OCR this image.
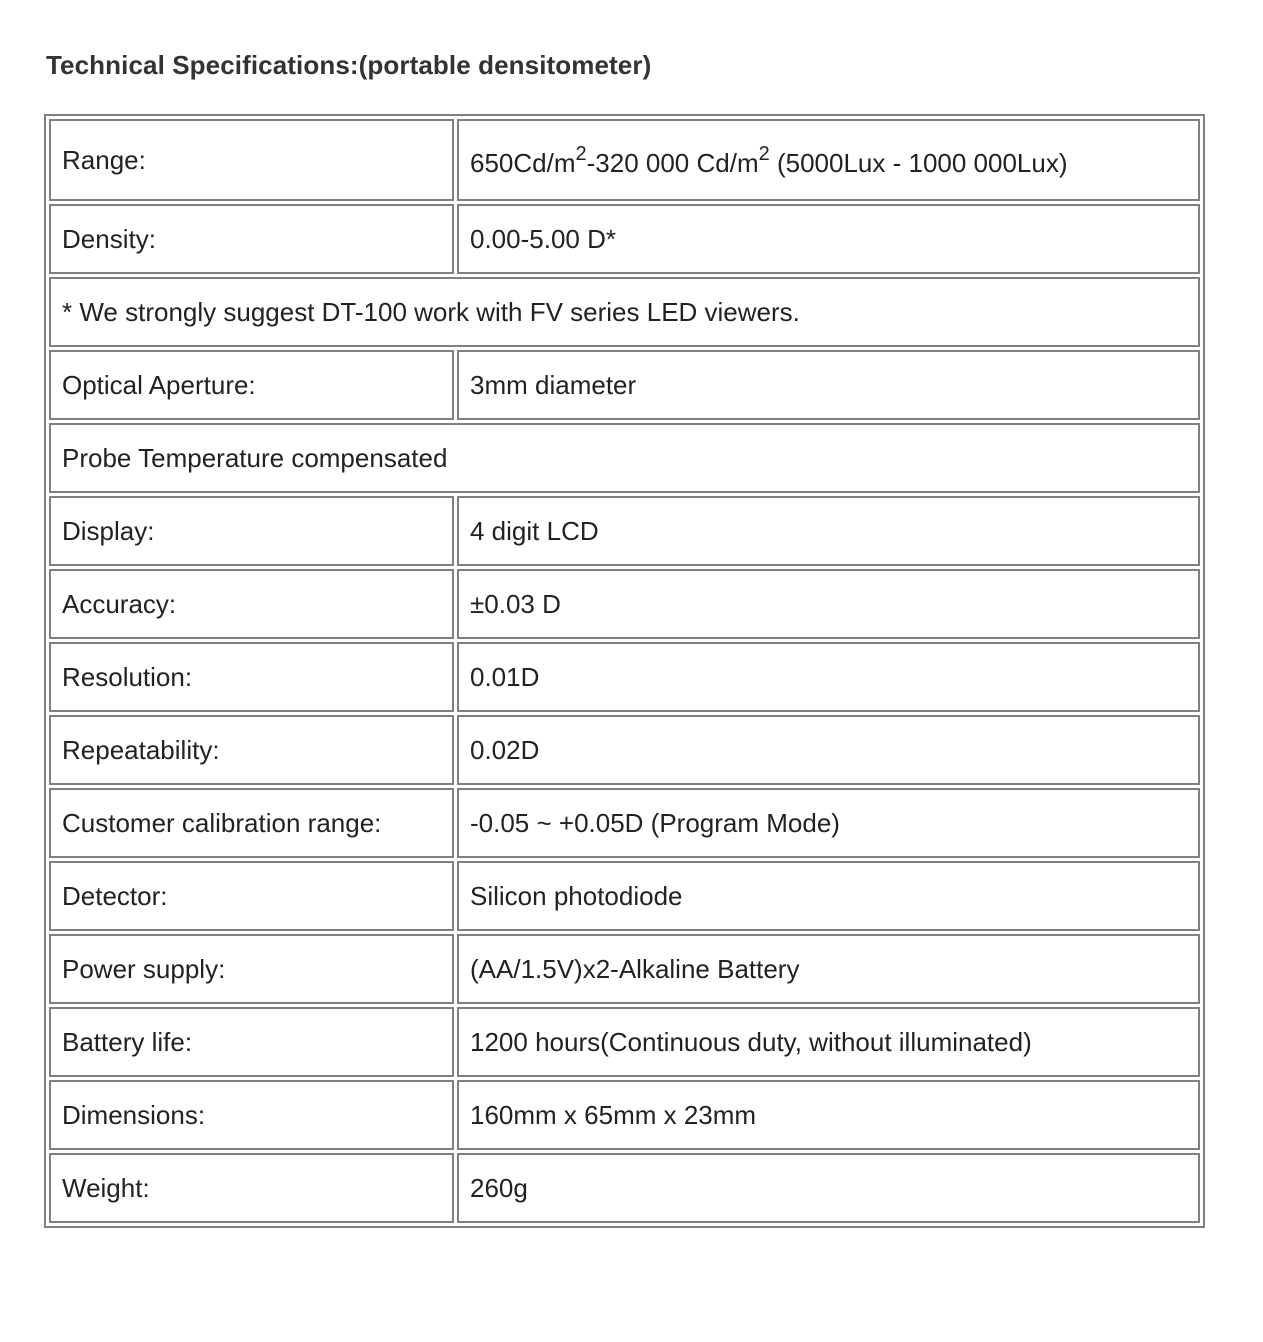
Technical Specifications:(portable densitometer)
Range:	$650Cd/m^2-320$ 000 $Cd/m^2$ (5000Lux - 1000 000Lux)
Density:	0.00-5.00 D*
* We strongly suggest DT-100 work with FV series LED viewers.	
Optical Aperture:	3mm diameter
Probe Temperature compensated	
Display:	4 digit LCD
Accuracy:	±0.03 D
Resolution:	0.01D
Repeatability:	0.02D
Customer calibration range:	-0.05 ~ +0.05D (Program Mode)
Detector:	Silicon photodiode
Power supply:	(AA/1.5V)x2-Alkaline Battery
Battery life:	1200 hours(Continuous duty, without illuminated)
Dimensions:	160mm x 65mm x 23mm
Weight:	260g
